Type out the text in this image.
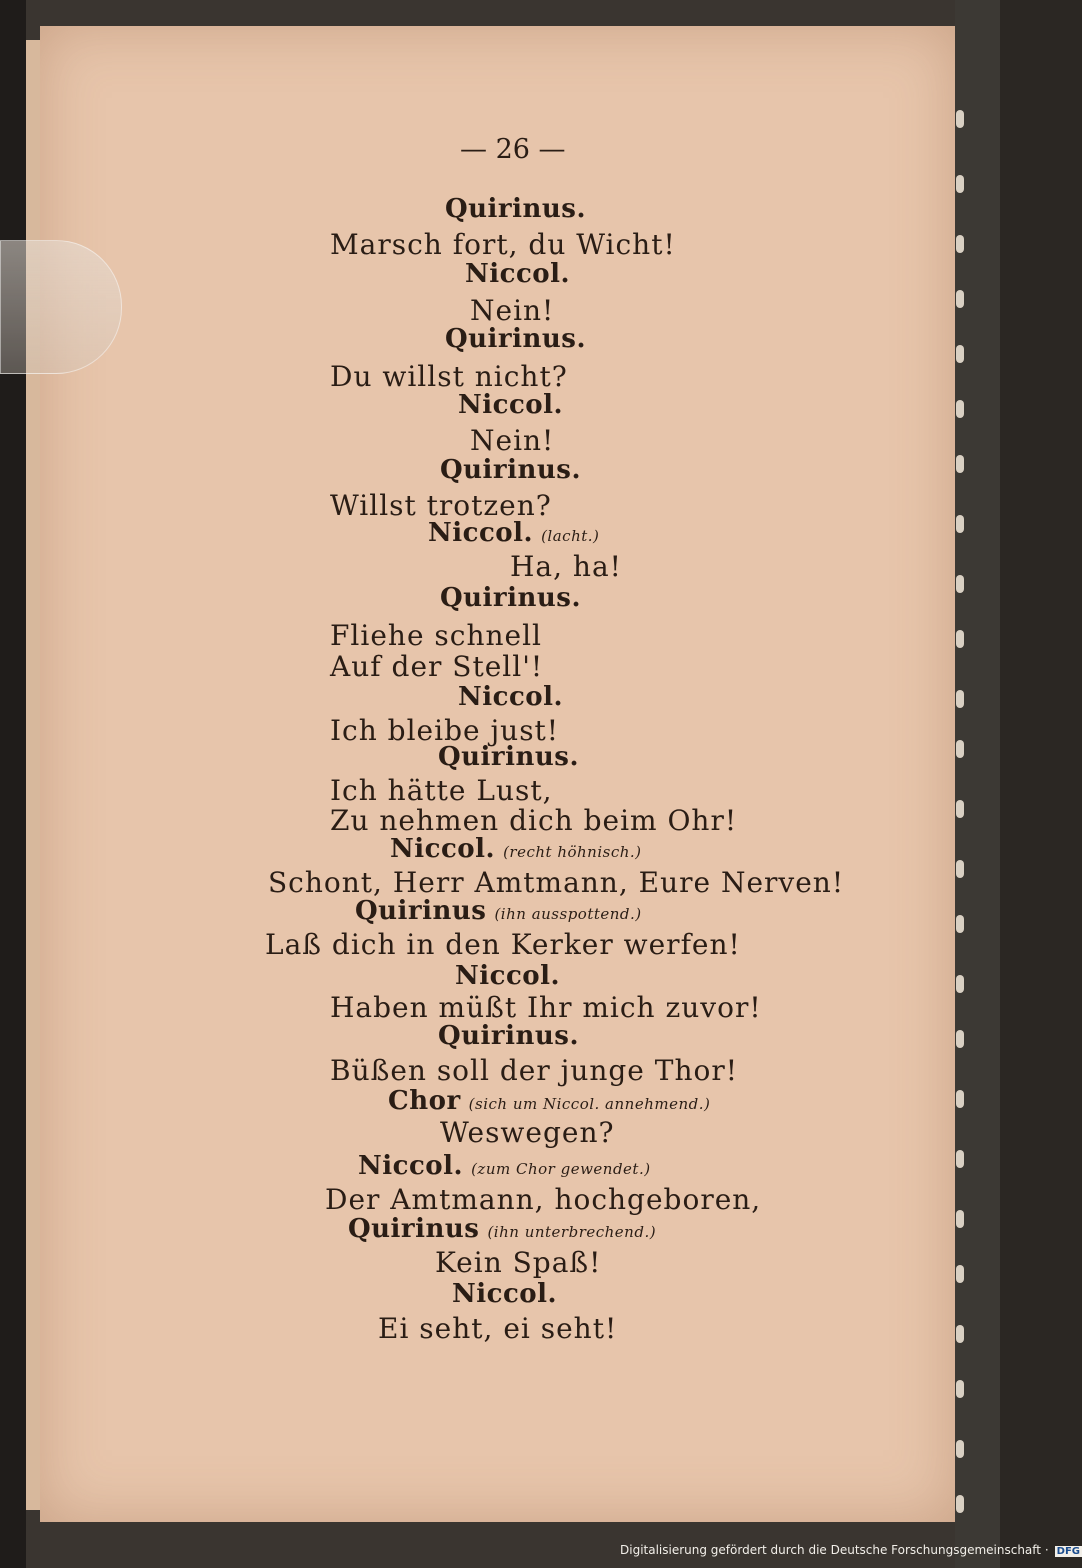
— 26 —
Quirinus.
Marsch fort, du Wicht!
Niccol.
Nein!
Quirinus.
Du willst nicht?
Niccol.
Nein!
Quirinus.
Willst trotzen?
Niccol. (lacht.)
Ha, ha!
Quirinus.
Fliehe schnell
Auf der Stell'!
Niccol.
Ich bleibe just!
Quirinus.
Ich hätte Lust,
Zu nehmen dich beim Ohr!
Niccol. (recht höhnisch.)
Schont, Herr Amtmann, Eure Nerven!
Quirinus (ihn ausspottend.)
Laß dich in den Kerker werfen!
Niccol.
Haben müßt Ihr mich zuvor!
Quirinus.
Büßen soll der junge Thor!
Chor (sich um Niccol. annehmend.)
Weswegen?
Niccol. (zum Chor gewendet.)
Der Amtmann, hochgeboren,
Quirinus (ihn unterbrechend.)
Kein Spaß!
Niccol.
Ei seht, ei seht!
Digitalisierung gefördert durch die Deutsche Forschungsgemeinschaft · DFG
